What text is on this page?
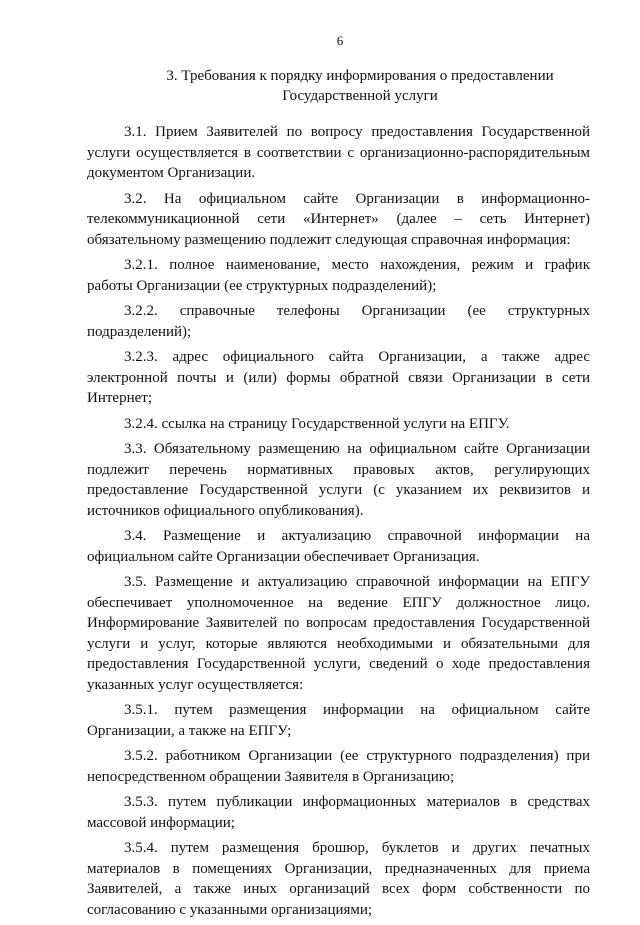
6
3. Требования к порядку информирования о предоставлении
Государственной услуги
3.1. Прием Заявителей по вопросу предоставления Государственной
услуги осуществляется в соответствии с организационно-распорядительным
документом Организации.
3.2. На официальном сайте Организации в информационно-
телекоммуникационной сети «Интернет» (далее – сеть Интернет)
обязательному размещению подлежит следующая справочная информация:
3.2.1. полное наименование, место нахождения, режим и график
работы Организации (ее структурных подразделений);
3.2.2. справочные телефоны Организации (ее структурных
подразделений);
3.2.3. адрес официального сайта Организации, а также адрес
электронной почты и (или) формы обратной связи Организации в сети
Интернет;
3.2.4. ссылка на страницу Государственной услуги на ЕПГУ.
3.3. Обязательному размещению на официальном сайте Организации
подлежит перечень нормативных правовых актов, регулирующих
предоставление Государственной услуги (с указанием их реквизитов и
источников официального опубликования).
3.4. Размещение и актуализацию справочной информации на
официальном сайте Организации обеспечивает Организация.
3.5. Размещение и актуализацию справочной информации на ЕПГУ
обеспечивает уполномоченное на ведение ЕПГУ должностное лицо.
Информирование Заявителей по вопросам предоставления Государственной
услуги и услуг, которые являются необходимыми и обязательными для
предоставления Государственной услуги, сведений о ходе предоставления
указанных услуг осуществляется:
3.5.1. путем размещения информации на официальном сайте
Организации, а также на ЕПГУ;
3.5.2. работником Организации (ее структурного подразделения) при
непосредственном обращении Заявителя в Организацию;
3.5.3. путем публикации информационных материалов в средствах
массовой информации;
3.5.4. путем размещения брошюр, буклетов и других печатных
материалов в помещениях Организации, предназначенных для приема
Заявителей, а также иных организаций всех форм собственности по
согласованию с указанными организациями;
